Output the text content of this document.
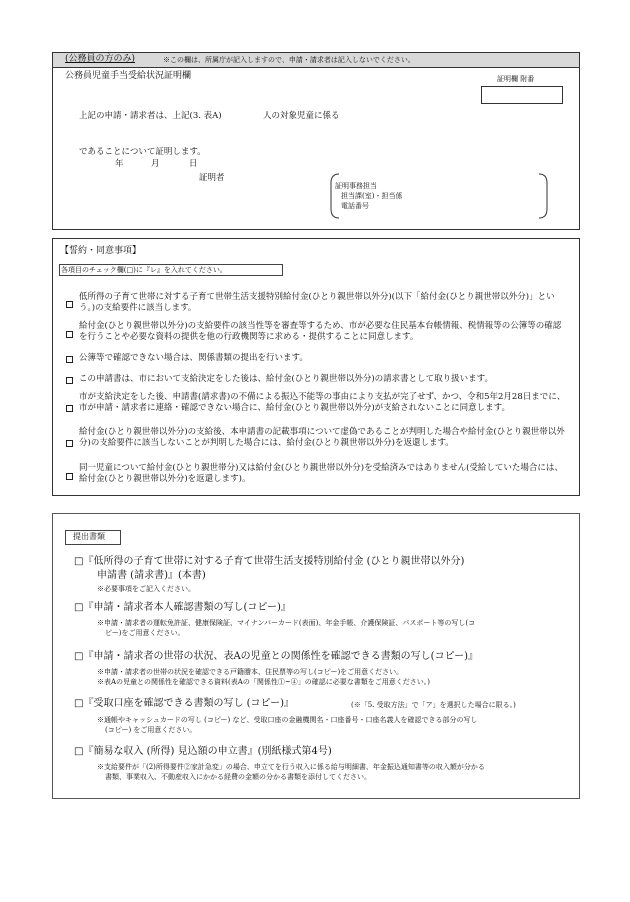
(公務員の方のみ)	※この欄は、所属庁が記入しますので、申請・請求者は記入しないでください。
公務員児童手当受給状況証明欄	証明欄 附番
上記の申請・請求者は、上記(3. 表A)	人の対象児童に係る
であることについて証明します。
年	月	日
証明者
証明事務担当
担当課(室)・担当係
電話番号
【誓約・同意事項】
各項目のチェック欄(□)に『レ』を入れてください。
低所得の子育て世帯に対する子育て世帯生活支援特別給付金(ひとり親世帯以外分)(以下「給付金(ひとり親世帯以外分)」という。)の支給要件に該当します。
給付金(ひとり親世帯以外分)の支給要件の該当性等を審査等するため、市が必要な住民基本台帳情報、税情報等の公簿等の確認を行うことや必要な資料の提供を他の行政機関等に求める・提供することに同意します。
公簿等で確認できない場合は、関係書類の提出を行います。
この申請書は、市において支給決定をした後は、給付金(ひとり親世帯以外分)の請求書として取り扱います。
市が支給決定をした後、申請書(請求書)の不備による振込不能等の事由により支払が完了せず、かつ、令和5年2月28日までに、市が申請・請求者に連絡・確認できない場合に、給付金(ひとり親世帯以外分)が支給されないことに同意します。
給付金(ひとり親世帯以外分)の支給後、本申請書の記載事項について虚偽であることが判明した場合や給付金(ひとり親世帯以外分)の支給要件に該当しないことが判明した場合には、給付金(ひとり親世帯以外分)を返還します。
同一児童について給付金(ひとり親世帯分)又は給付金(ひとり親世帯以外分)を受給済みではありません(受給していた場合には、給付金(ひとり親世帯以外分)を返還します)。
提出書類
□『低所得の子育て世帯に対する子育て世帯生活支援特別給付金 (ひとり親世帯以外分)
申請書 (請求書)』(本書)
※必要事項をご記入ください。
□『申請・請求者本人確認書類の写し(コピー)』
※申請・請求者の運転免許証、健康保険証、マイナンバーカード(表面)、年金手帳、介護保険証、パスポート等の写し(コ
ピー)をご用意ください。
□『申請・請求者の世帯の状況、表Aの児童との関係性を確認できる書類の写し(コピー)』
※申請・請求者の世帯の状況を確認できる戸籍謄本、住民票等の写し(コピー)をご用意ください。
※表Aの児童との関係性を確認できる資料(表Aの「関係性①~④」の確認に必要な書類をご用意ください。)
□『受取口座を確認できる書類の写し (コピー)』	(※「5. 受取方法」で「ア」を選択した場合に限る。)
※通帳やキャッシュカードの写し (コピー) など、受取口座の金融機関名・口座番号・口座名義人を確認できる部分の写し
(コピー) をご用意ください。
□『簡易な収入 (所得) 見込額の申立書』(別紙様式第4号)
※支給要件が「(2)所得要件②家計急変」の場合、申立てを行う収入に係る給与明細書、年金振込通知書等の収入額が分かる
書類、事業収入、不動産収入にかかる経費の金額の分かる書類を添付してください。
